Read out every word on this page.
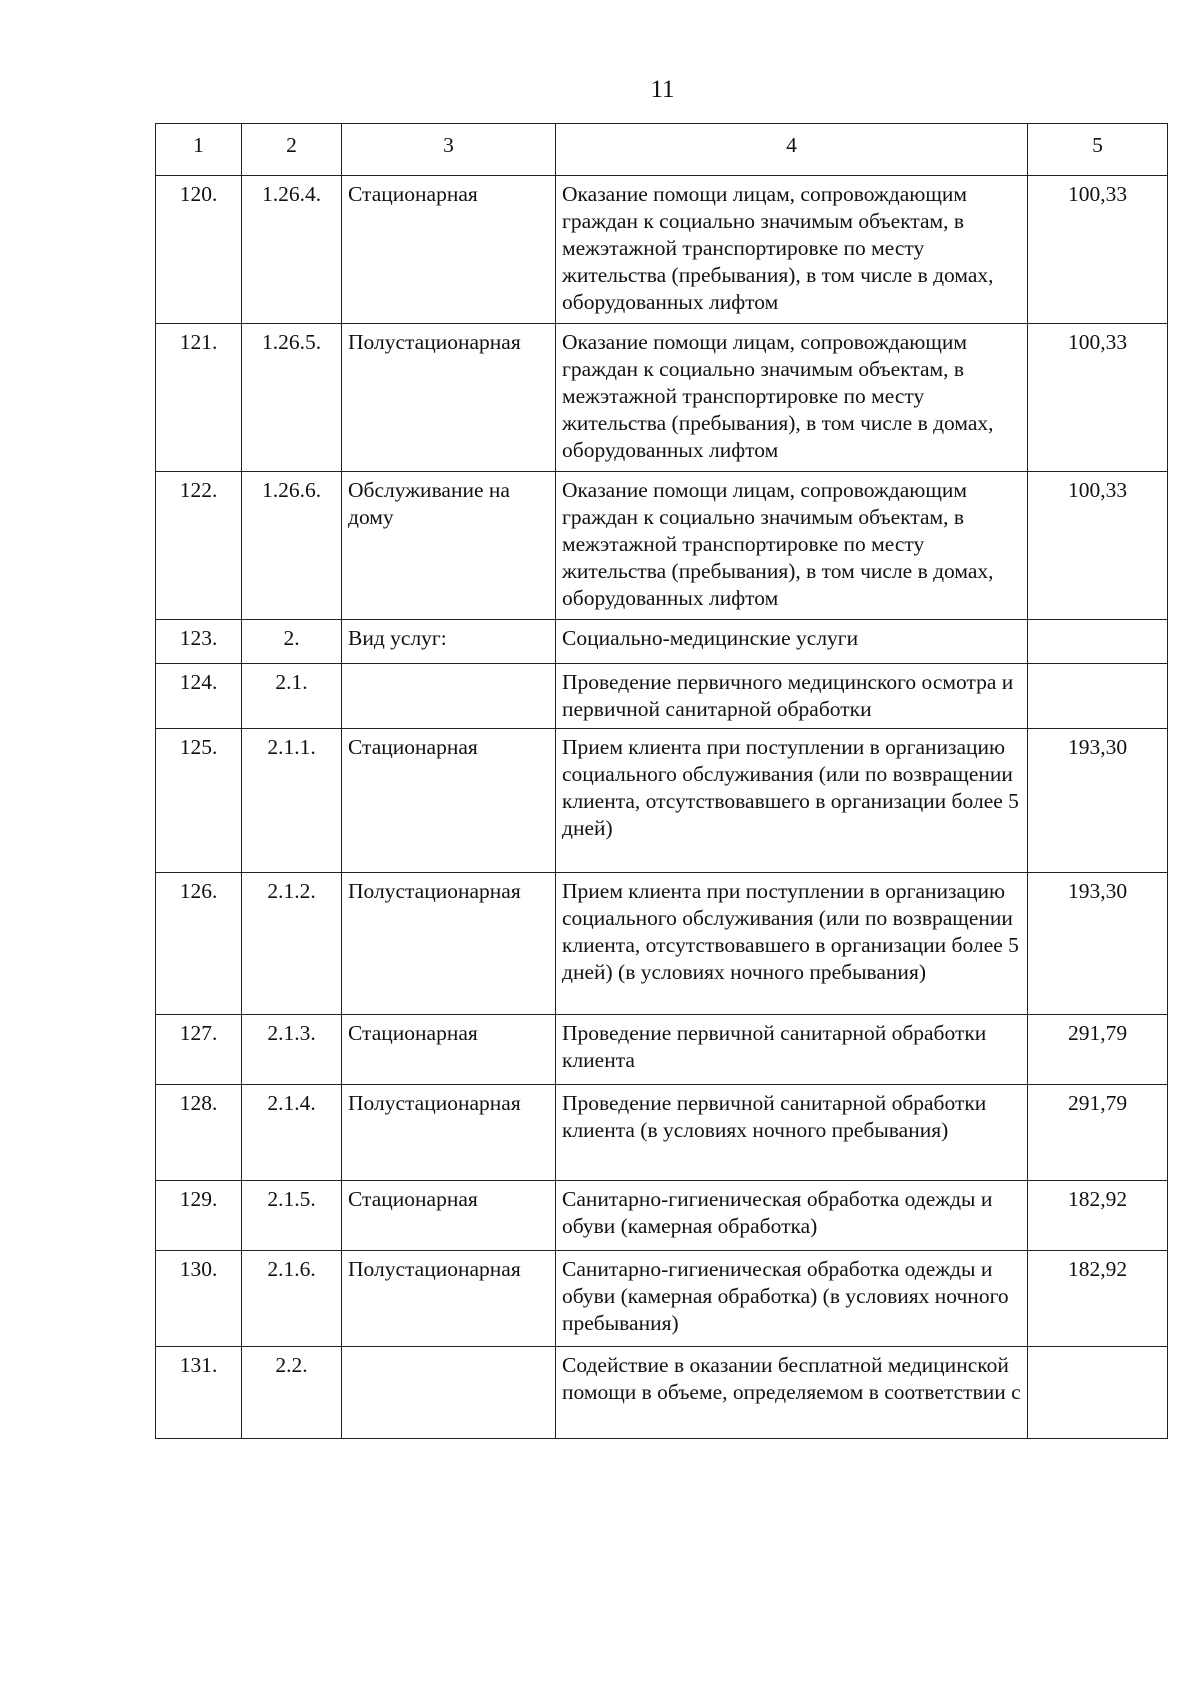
11
1	2	3	4	5
120.	1.26.4.	Стационарная	Оказание помощи лицам, сопровождающим граждан к социально значимым объектам, в межэтажной транспортировке по месту жительства (пребывания), в том числе в домах, оборудованных лифтом	100,33
121.	1.26.5.	Полустационарная	Оказание помощи лицам, сопровождающим граждан к социально значимым объектам, в межэтажной транспортировке по месту жительства (пребывания), в том числе в домах, оборудованных лифтом	100,33
122.	1.26.6.	Обслуживание на дому	Оказание помощи лицам, сопровождающим граждан к социально значимым объектам, в межэтажной транспортировке по месту жительства (пребывания), в том числе в домах, оборудованных лифтом	100,33
123.	2.	Вид услуг:	Социально-медицинские услуги	
124.	2.1.		Проведение первичного медицинского осмотра и первичной санитарной обработки	
125.	2.1.1.	Стационарная	Прием клиента при поступлении в организацию социального обслуживания (или по возвращении клиента, отсутствовавшего в организации более 5 дней)	193,30
126.	2.1.2.	Полустационарная	Прием клиента при поступлении в организацию социального обслуживания (или по возвращении клиента, отсутствовавшего в организации более 5 дней) (в условиях ночного пребывания)	193,30
127.	2.1.3.	Стационарная	Проведение первичной санитарной обработки клиента	291,79
128.	2.1.4.	Полустационарная	Проведение первичной санитарной обработки клиента (в условиях ночного пребывания)	291,79
129.	2.1.5.	Стационарная	Санитарно-гигиеническая обработка одежды и обуви (камерная обработка)	182,92
130.	2.1.6.	Полустационарная	Санитарно-гигиеническая обработка одежды и обуви (камерная обработка) (в условиях ночного пребывания)	182,92
131.	2.2.		Содействие в оказании бесплатной медицинской помощи в объеме, определяемом в соответствии с	
